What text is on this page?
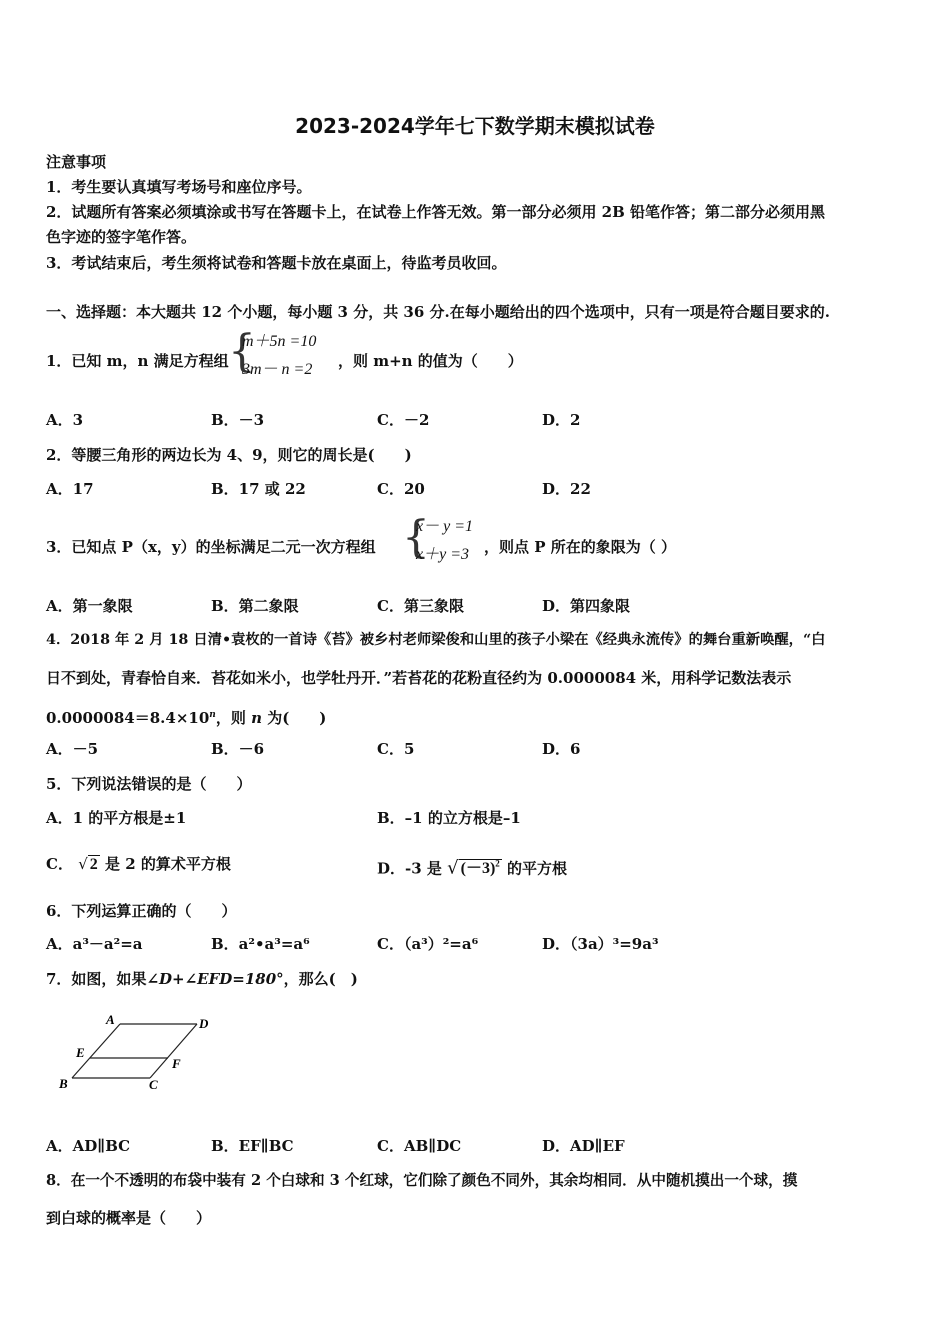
2023-2024学年七下数学期末模拟试卷
注意事项
1．考生要认真填写考场号和座位序号。
2．试题所有答案必须填涂或书写在答题卡上，在试卷上作答无效。第一部分必须用 2B 铅笔作答；第二部分必须用黑
色字迹的签字笔作答。
3．考试结束后，考生须将试卷和答题卡放在桌面上，待监考员收回。
一、选择题：本大题共 12 个小题，每小题 3 分，共 36 分.在每小题给出的四个选项中，只有一项是符合题目要求的.
1．已知 m，n 满足方程组 {
m＋5n =10
3m－ n =2 ，则 m+n 的值为（　　）
A．3	B．－3	C．－2	D．2
2．等腰三角形的两边长为 4、9，则它的周长是(　　)
A．17	B．17 或 22	C．20	D．22
3．已知点 P（x，y）的坐标满足二元一次方程组 {
x－ y =1
x＋y =3 ，则点 P 所在的象限为（ ）
A．第一象限	B．第二象限	C．第三象限	D．第四象限
4．2018 年 2 月 18 日清•袁枚的一首诗《苔》被乡村老师梁俊和山里的孩子小梁在《经典永流传》的舞台重新唤醒，“白
日不到处，青春恰自来．苔花如米小，也学牡丹开．”若苔花的花粉直径约为 0.0000084 米，用科学记数法表示
$0.0000084=8.4\times 10^n$，则 n 为(　　)
A．－5	B．－6	C．5	D．6
5．下列说法错误的是（　　）
A．1 的平方根是±1	B．–1 的立方根是–1
C． √ 2 是 2 的算术平方根	D．-3 是 √ $(-3)^2$ 的平方根
6．下列运算正确的（　　）
A．a³－a²=a	B．a²•a³=a⁶	C．（a³）²=a⁶	D．（3a）³=9a³
7．如图，如果∠D+∠EFD=180°，那么(　)
A	D
E
F
B	C
A．AD∥BC	B．EF∥BC	C．AB∥DC	D．AD∥EF
8．在一个不透明的布袋中装有 2 个白球和 3 个红球，它们除了颜色不同外，其余均相同．从中随机摸出一个球，摸
到白球的概率是（　　）
